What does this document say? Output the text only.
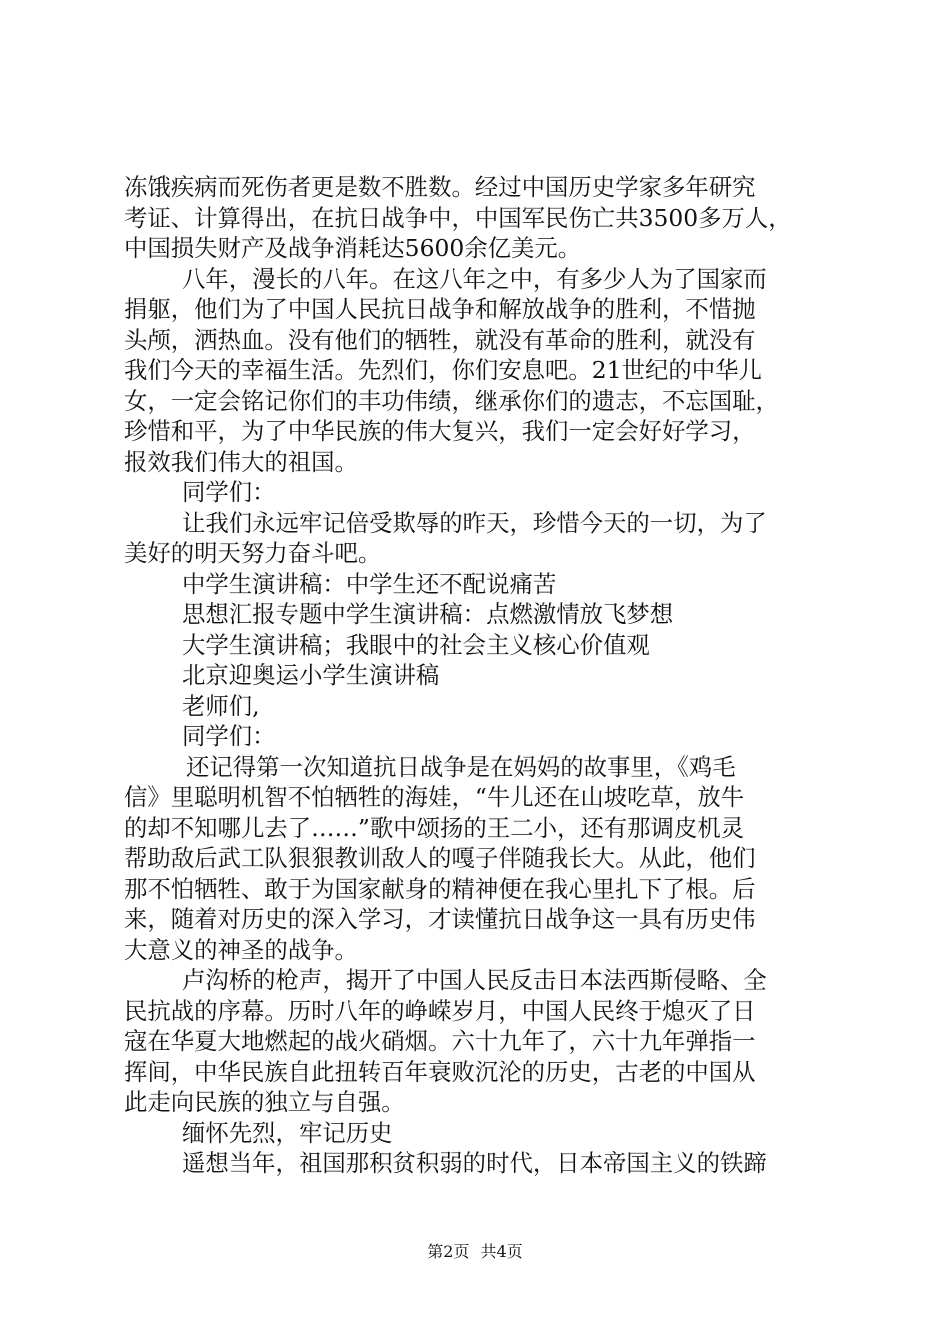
冻饿疾病而死伤者更是数不胜数。经过中国历史学家多年研究
考证、计算得出，在抗日战争中，中国军民伤亡共3500多万人，
中国损失财产及战争消耗达5600余亿美元。
八年，漫长的八年。在这八年之中，有多少人为了国家而
捐躯，他们为了中国人民抗日战争和解放战争的胜利，不惜抛
头颅，洒热血。没有他们的牺牲，就没有革命的胜利，就没有
我们今天的幸福生活。先烈们，你们安息吧。21世纪的中华儿
女，一定会铭记你们的丰功伟绩，继承你们的遗志，不忘国耻，
珍惜和平，为了中华民族的伟大复兴，我们一定会好好学习，
报效我们伟大的祖国。
同学们：
让我们永远牢记倍受欺辱的昨天，珍惜今天的一切，为了
美好的明天努力奋斗吧。
中学生演讲稿：中学生还不配说痛苦
思想汇报专题中学生演讲稿：点燃激情放飞梦想
大学生演讲稿；我眼中的社会主义核心价值观
北京迎奥运小学生演讲稿
老师们,
同学们：
还记得第一次知道抗日战争是在妈妈的故事里，《鸡毛
信》里聪明机智不怕牺牲的海娃，“牛儿还在山坡吃草，放牛
的却不知哪儿去了……”歌中颂扬的王二小，还有那调皮机灵
帮助敌后武工队狠狠教训敌人的嘎子伴随我长大。从此，他们
那不怕牺牲、敢于为国家献身的精神便在我心里扎下了根。后
来，随着对历史的深入学习，才读懂抗日战争这一具有历史伟
大意义的神圣的战争。
卢沟桥的枪声，揭开了中国人民反击日本法西斯侵略、全
民抗战的序幕。历时八年的峥嵘岁月，中国人民终于熄灭了日
寇在华夏大地燃起的战火硝烟。六十九年了，六十九年弹指一
挥间，中华民族自此扭转百年衰败沉沦的历史，古老的中国从
此走向民族的独立与自强。
缅怀先烈，牢记历史
遥想当年，祖国那积贫积弱的时代，日本帝国主义的铁蹄
第2页 共4页
